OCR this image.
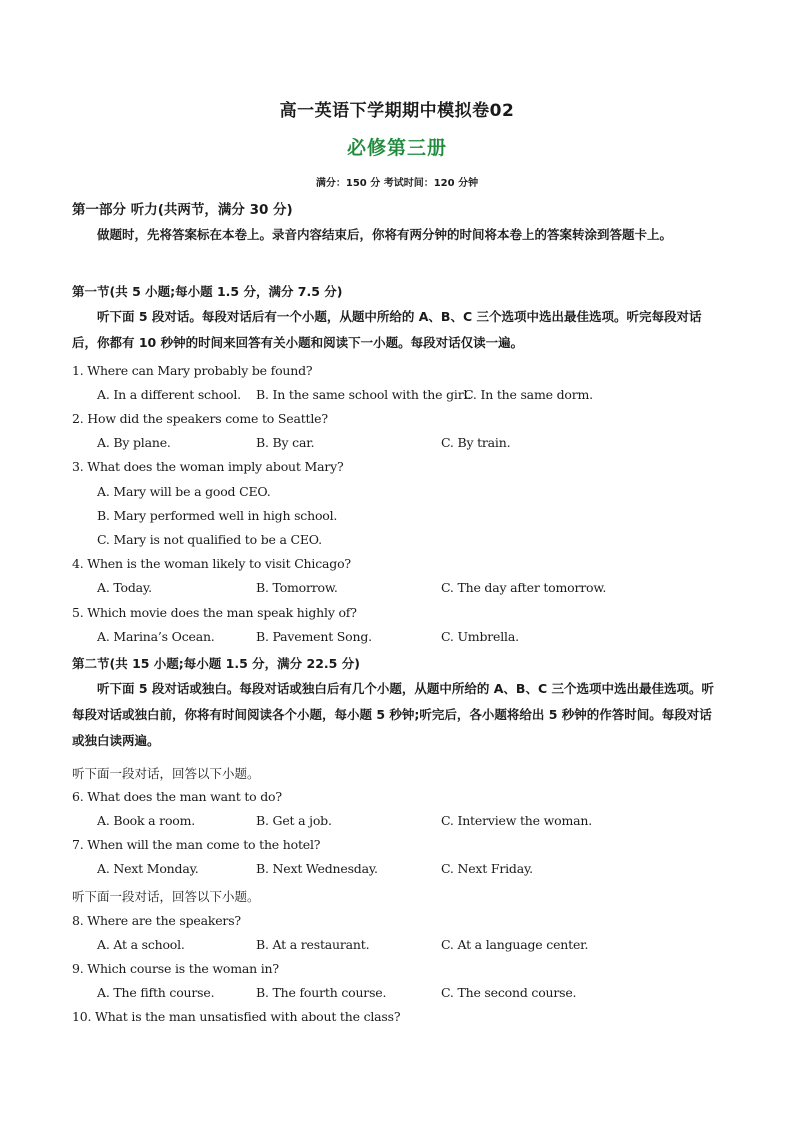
高一英语下学期期中模拟卷02
必修第三册
满分：150 分 考试时间：120 分钟
第一部分 听力(共两节，满分 30 分)
做题时，先将答案标在本卷上。录音内容结束后，你将有两分钟的时间将本卷上的答案转涂到答题卡上。
第一节(共 5 小题;每小题 1.5 分，满分 7.5 分)
听下面 5 段对话。每段对话后有一个小题，从题中所给的 A、B、C 三个选项中选出最佳选项。听完每段对话后，你都有 10 秒钟的时间来回答有关小题和阅读下一小题。每段对话仅读一遍。
1. Where can Mary probably be found?
A. In a different school. B. In the same school with the girl.
C. In the same dorm.
2. How did the speakers come to Seattle?
A. By plane.	B. By car.	C. By train.
3. What does the woman imply about Mary?
A. Mary will be a good CEO.
B. Mary performed well in high school.
C. Mary is not qualified to be a CEO.
4. When is the woman likely to visit Chicago?
A. Today.	B. Tomorrow.	C. The day after tomorrow.
5. Which movie does the man speak highly of?
A. Marina’s Ocean.	B. Pavement Song.	C. Umbrella.
第二节(共 15 小题;每小题 1.5 分，满分 22.5 分)
听下面 5 段对话或独白。每段对话或独白后有几个小题，从题中所给的 A、B、C 三个选项中选出最佳选项。听每段对话或独白前，你将有时间阅读各个小题，每小题 5 秒钟;听完后，各小题将给出 5 秒钟的作答时间。每段对话或独白读两遍。
听下面一段对话，回答以下小题。
6. What does the man want to do?
A. Book a room.	B. Get a job.	C. Interview the woman.
7. When will the man come to the hotel?
A. Next Monday.	B. Next Wednesday.	C. Next Friday.
听下面一段对话，回答以下小题。
8. Where are the speakers?
A. At a school.	B. At a restaurant.	C. At a language center.
9. Which course is the woman in?
A. The fifth course.	B. The fourth course.	C. The second course.
10. What is the man unsatisfied with about the class?
